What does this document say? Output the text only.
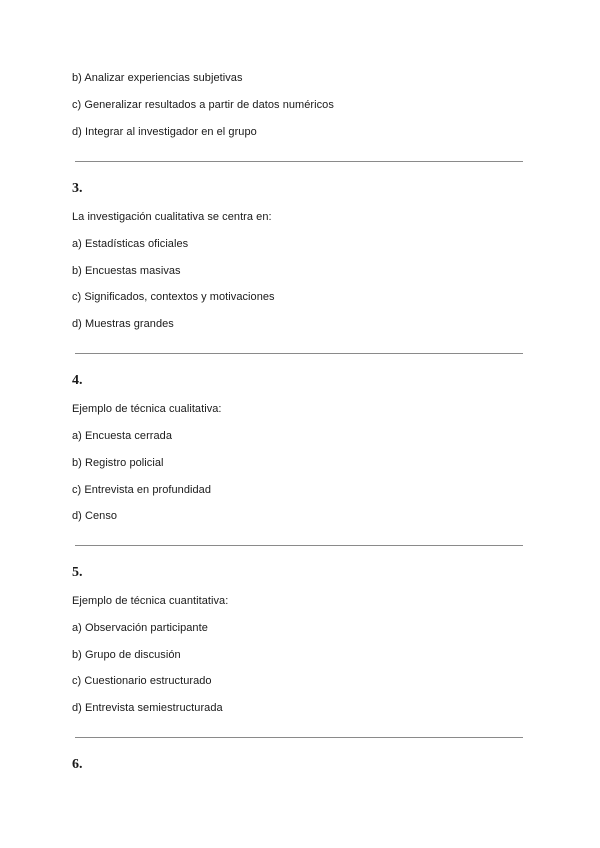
b) Analizar experiencias subjetivas
c) Generalizar resultados a partir de datos numéricos
d) Integrar al investigador en el grupo
3.
La investigación cualitativa se centra en:
a) Estadísticas oficiales
b) Encuestas masivas
c) Significados, contextos y motivaciones
d) Muestras grandes
4.
Ejemplo de técnica cualitativa:
a) Encuesta cerrada
b) Registro policial
c) Entrevista en profundidad
d) Censo
5.
Ejemplo de técnica cuantitativa:
a) Observación participante
b) Grupo de discusión
c) Cuestionario estructurado
d) Entrevista semiestructurada
6.
